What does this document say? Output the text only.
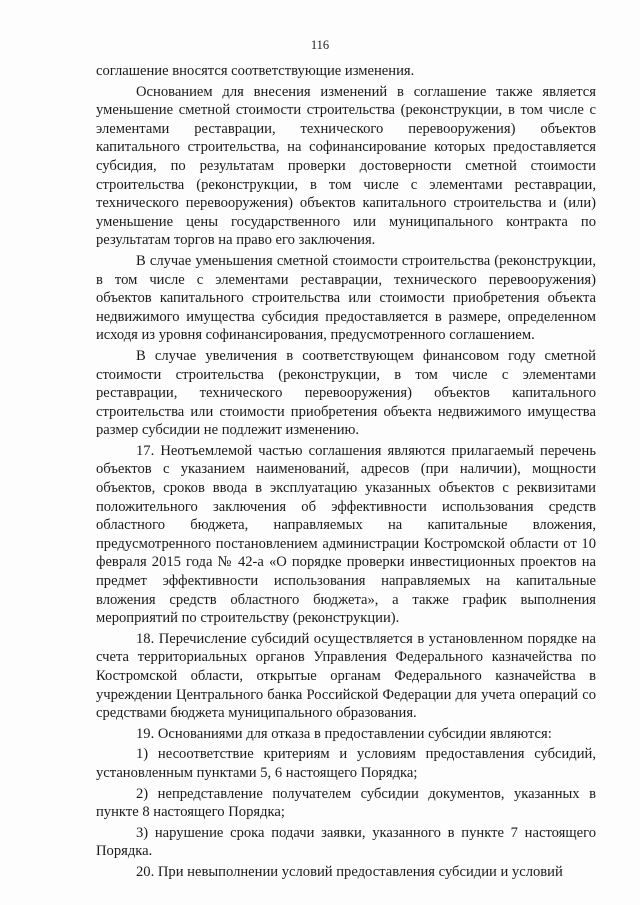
116

соглашение вносятся соответствующие изменения.

Основанием для внесения изменений в соглашение также является уменьшение сметной стоимости строительства (реконструкции, в том числе с элементами реставрации, технического перевооружения) объектов капитального строительства, на софинансирование которых предоставляется субсидия, по результатам проверки достоверности сметной стоимости строительства (реконструкции, в том числе с элементами реставрации, технического перевооружения) объектов капитального строительства и (или) уменьшение цены государственного или муниципального контракта по результатам торгов на право его заключения.

В случае уменьшения сметной стоимости строительства (реконструкции, в том числе с элементами реставрации, технического перевооружения) объектов капитального строительства или стоимости приобретения объекта недвижимого имущества субсидия предоставляется в размере, определенном исходя из уровня софинансирования, предусмотренного соглашением.

В случае увеличения в соответствующем финансовом году сметной стоимости строительства (реконструкции, в том числе с элементами реставрации, технического перевооружения) объектов капитального строительства или стоимости приобретения объекта недвижимого имущества размер субсидии не подлежит изменению.

17. Неотъемлемой частью соглашения являются прилагаемый перечень объектов с указанием наименований, адресов (при наличии), мощности объектов, сроков ввода в эксплуатацию указанных объектов с реквизитами положительного заключения об эффективности использования средств областного бюджета, направляемых на капитальные вложения, предусмотренного постановлением администрации Костромской области от 10 февраля 2015 года № 42-а «О порядке проверки инвестиционных проектов на предмет эффективности использования направляемых на капитальные вложения средств областного бюджета», а также график выполнения мероприятий по строительству (реконструкции).

18. Перечисление субсидий осуществляется в установленном порядке на счета территориальных органов Управления Федерального казначейства по Костромской области, открытые органам Федерального казначейства в учреждении Центрального банка Российской Федерации для учета операций со средствами бюджета муниципального образования.

19. Основаниями для отказа в предоставлении субсидии являются:

1) несоответствие критериям и условиям предоставления субсидий, установленным пунктами 5, 6 настоящего Порядка;

2) непредставление получателем субсидии документов, указанных в пункте 8 настоящего Порядка;

3) нарушение срока подачи заявки, указанного в пункте 7 настоящего Порядка.

20. При невыполнении условий предоставления субсидии и условий
